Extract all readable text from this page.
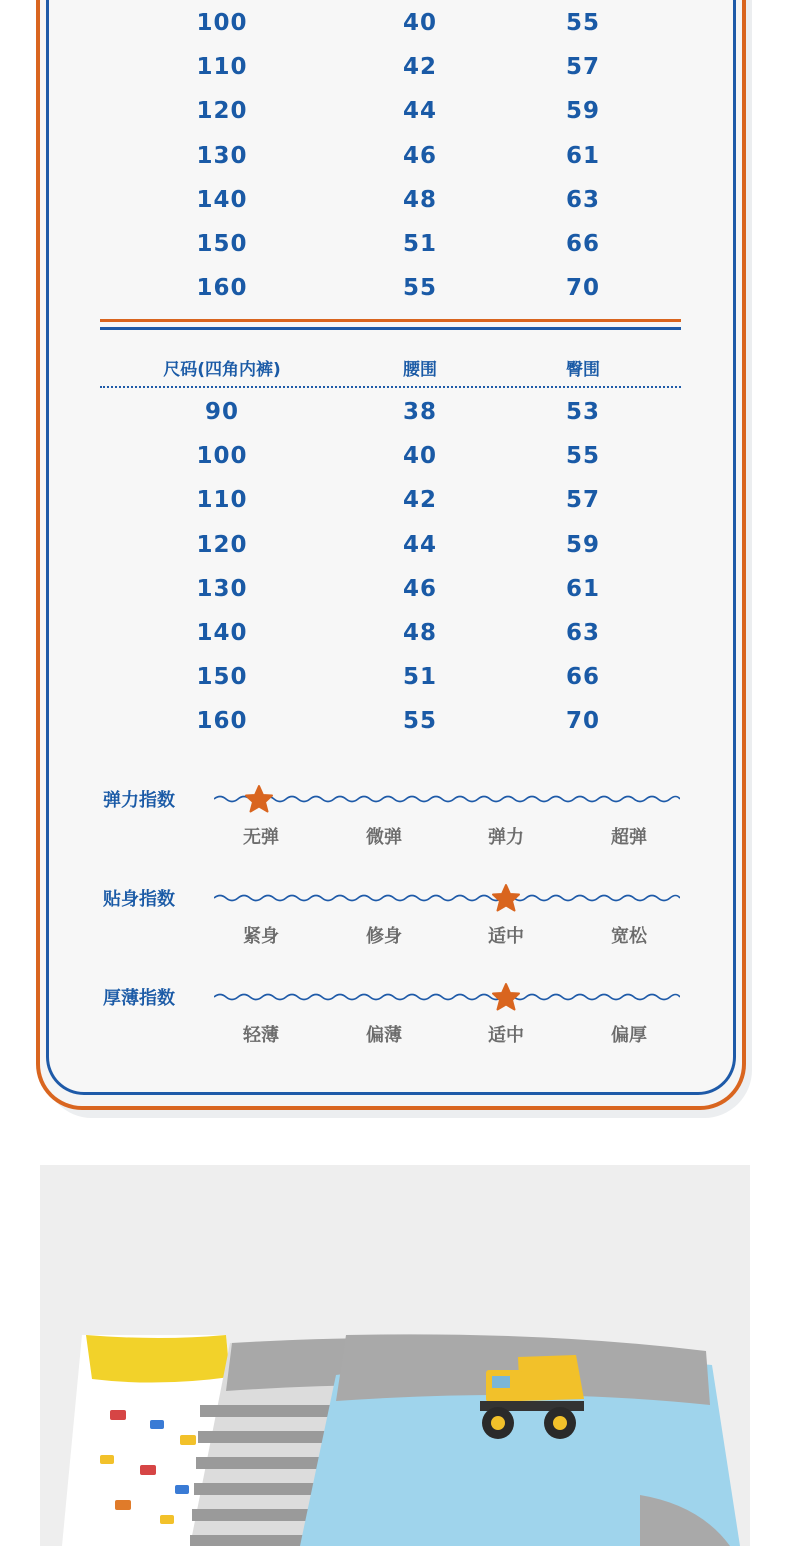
100	40	55
110	42	57
120	44	59
130	46	61
140	48	63
150	51	66
160	55	70
尺码(四角内裤)	腰围	臀围
90	38	53
100	40	55
110	42	57
120	44	59
130	46	61
140	48	63
150	51	66
160	55	70
弹力指数
无弹	微弹	弹力	超弹
贴身指数
紧身	修身	适中	宽松
厚薄指数
轻薄	偏薄	适中	偏厚
